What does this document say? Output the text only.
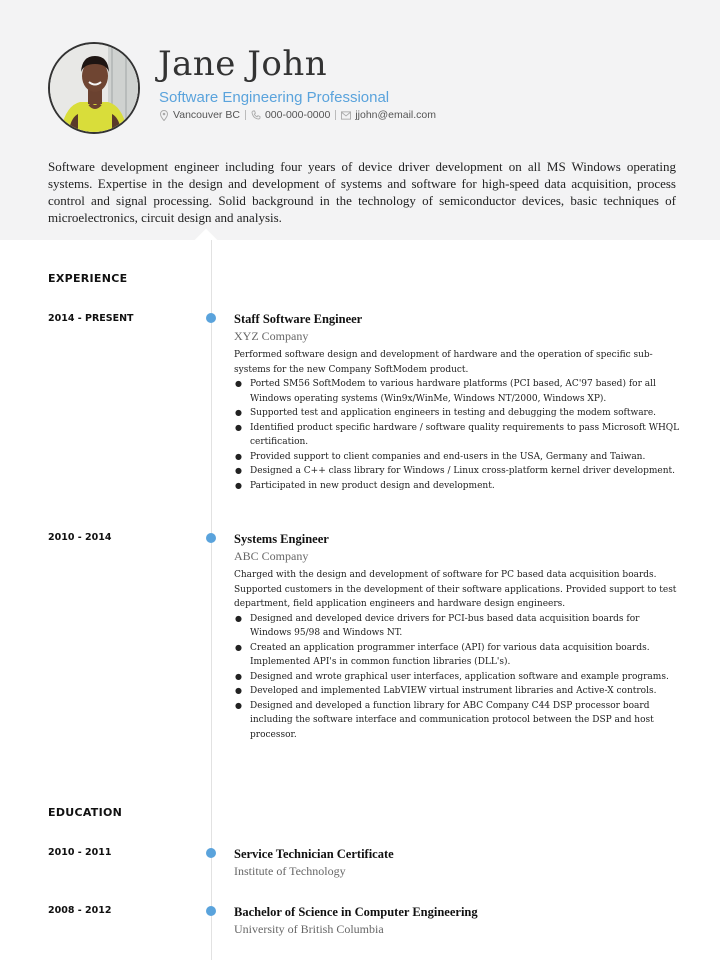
Jane John
Software Engineering Professional
Vancouver BC 000-000-0000 jjohn@email.com
Software development engineer including four years of device driver development on all MS Windows operating systems. Expertise in the design and development of systems and software for high-speed data acquisition, process control and signal processing. Solid background in the technology of semiconductor devices, basic techniques of microelectronics, circuit design and analysis.
EXPERIENCE
2014 - PRESENT	Staff Software Engineer
XYZ Company
Performed software design and development of hardware and the operation of specific sub-systems for the new Company SoftModem product.
● Ported SM56 SoftModem to various hardware platforms (PCI based, AC'97 based) for all Windows operating systems (Win9x/WinMe, Windows NT/2000, Windows XP).
● Supported test and application engineers in testing and debugging the modem software.
● Identified product specific hardware / software quality requirements to pass Microsoft WHQL certification.
● Provided support to client companies and end-users in the USA, Germany and Taiwan.
● Designed a C++ class library for Windows / Linux cross-platform kernel driver development.
● Participated in new product design and development.
2010 - 2014	Systems Engineer
ABC Company
Charged with the design and development of software for PC based data acquisition boards. Supported customers in the development of their software applications. Provided support to test department, field application engineers and hardware design engineers.
● Designed and developed device drivers for PCI-bus based data acquisition boards for Windows 95/98 and Windows NT.
● Created an application programmer interface (API) for various data acquisition boards. Implemented API's in common function libraries (DLL's).
● Designed and wrote graphical user interfaces, application software and example programs.
● Developed and implemented LabVIEW virtual instrument libraries and Active-X controls.
● Designed and developed a function library for ABC Company C44 DSP processor board including the software interface and communication protocol between the DSP and host processor.
EDUCATION
2010 - 2011	Service Technician Certificate
Institute of Technology
2008 - 2012	Bachelor of Science in Computer Engineering
University of British Columbia
